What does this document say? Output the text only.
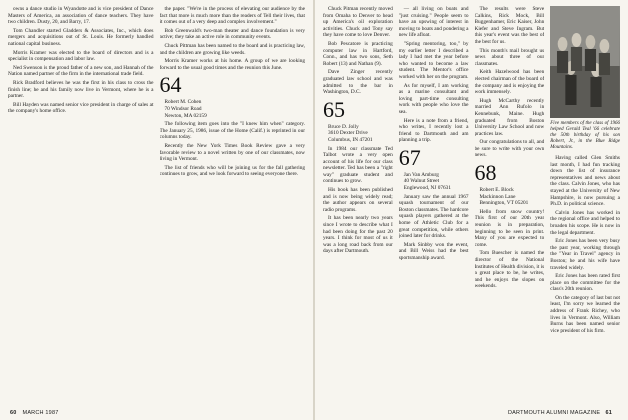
owns a dance studio in Wyandotte and is vice president of Dance Masters of America, an association of dance teachers. They have two children. Dusty, 20, and Barry, 17.

Tom Chandler started Gladders & Associates, Inc., which does mergers and acquisitions out of St. Louis. He formerly handled national capital business.

Morris Kramer was elected to the board of directors and is a specialist in compensation and labor law.

Ned Swenson is the proud father of a new son, and Hannah of the Nation named partner of the firm in the international trade field.

Rick Bradford believes he was the first in his class to cross the finish line; he and his family now live in Vermont, where he is a partner.

Bill Hayden was named senior vice president in charge of sales at the company's home office.

the paper. "We're in the process of elevating our audience by the fact that more is much more than the readers of Tell their lives, that it comes out of a very deep and complex involvement."

Bob Greenwald's two-man theater and dance foundation is very active; they take an active role in community events.

Chuck Pittman has been named to the board and is practicing law, and the children are growing like weeds.

Morris Kramer works at his home. A group of we are looking forward to the usual good times and the reunion this June.

64

Robert M. Cohen
70 Windsor Road
Newton, MA 02159

The following item goes into the "I knew him when" category. The January 25, 1986, issue of the Home (Calif.) is reprinted in our columns today.

Recently the New York Times Book Review gave a very favorable review to a novel written by one of our classmates, now living in Vermont.

The list of friends who will be joining us for the fall gathering continues to grow, and we look forward to seeing everyone there.

60 MARCH 1987

Chuck Pitman recently moved from Omaha to Denver to head up America's oil exploration activities. Chuck and Tony say they have come to love Denver.

Bob Pescatore is practicing computer law in Hartford, Conn., and has two sons, Seth Robert (13) and Nathan (9).

Dave Zinger recently graduated law school and was admitted to the bar in Washington, D.C.

65

Bruce D. Jolly
3610 Dexter Drive
Columbus, IN 47201

In 1984 our classmate Ted Talbot wrote a very open account of his life for our class newsletter. Ted has been a "right way" graduate student and continues to grow.

His book has been published and is now being widely read; the author appears on several radio programs.

It has been nearly two years since I wrote to describe what I had been doing for the past 20 years. I think for most of us it was a long road back from our days after Dartmouth.

— all living on boats and "just cruising." People seem to have an upswing of interest in moving to boats and pondering a new life afloat.

"Spring mentoring, too," by my earlier letter I described a lady I had met the year before who wanted to become a law student. The Mentor's office worked with her on the program.

As for myself, I am working as a marine consultant and loving part-time consulting work with people who love the sea.

Here is a note from a friend, who writes, I recently lost a friend to Dartmouth and am planning a trip.

67

Jan Van Amburg
40 Walnut Street
Englewood, NJ 07631

January saw the annual 1967 squash tournament of our Boston classmates. The hardcore squash players gathered at the home of Athletic Club for a great competition, while others joined later for drinks.

Mark Sinbby won the event, and Bill Weiss had the best sportsmanship award.

The results were Steve Calkins, Rick Mock, Bill Buggenhamer, Eric Kaiser, John Kiefer and Steve Ingram. But this year's event was the best of the best for us.

This month's mail brought us news about three of our classmates.

Keith Hazelwood has been elected chairman of the board of the company and is enjoying the work immensely.

Hugh McCarthy recently married Ann Rufolo in Kennebunk, Maine. Hugh graduated from Boston University Law School and now practices law.

Our congratulations to all, and be sure to write with your own news.

68

Robert E. Block
Mackinnon Lane
Bennington, VT 05201

Hello from snow country! This first of our 20th year reunion is in preparation, beginning to be seen in print. Many of you are expected to come.

Tom Buescher is named the director of the National Institutes of Health division, it is a great place to be, he writes, and he enjoys the slopes on weekends.

Five members of the class of 1966 helped Gerald Teal '66 celebrate the 50th birthday of his son Robert, Jr., in the Blue Ridge Mountains.

Having called Glen Smiths last month, I had fun tracking down the list of insurance representatives and news about the class. Calvin Jones, who has stayed at the University of New Hampshire, is now pursuing a Ph.D. in political science.

Calvin Jones has worked in the regional office and helped to broaden his scope. He is now in the legal department.

Eric Jones has been very busy the past year, working through the "Year in Travel" agency in Boston; he and his wife have traveled widely.

Eric Jones has been rated first place on the committee for the class's 20th reunion.

On the category of last but not least, I'm sorry we learned the address of Frank Richey, who lives in Vermont. Also, William Burns has been named senior vice president of his firm.

DARTMOUTH ALUMNI MAGAZINE 61
